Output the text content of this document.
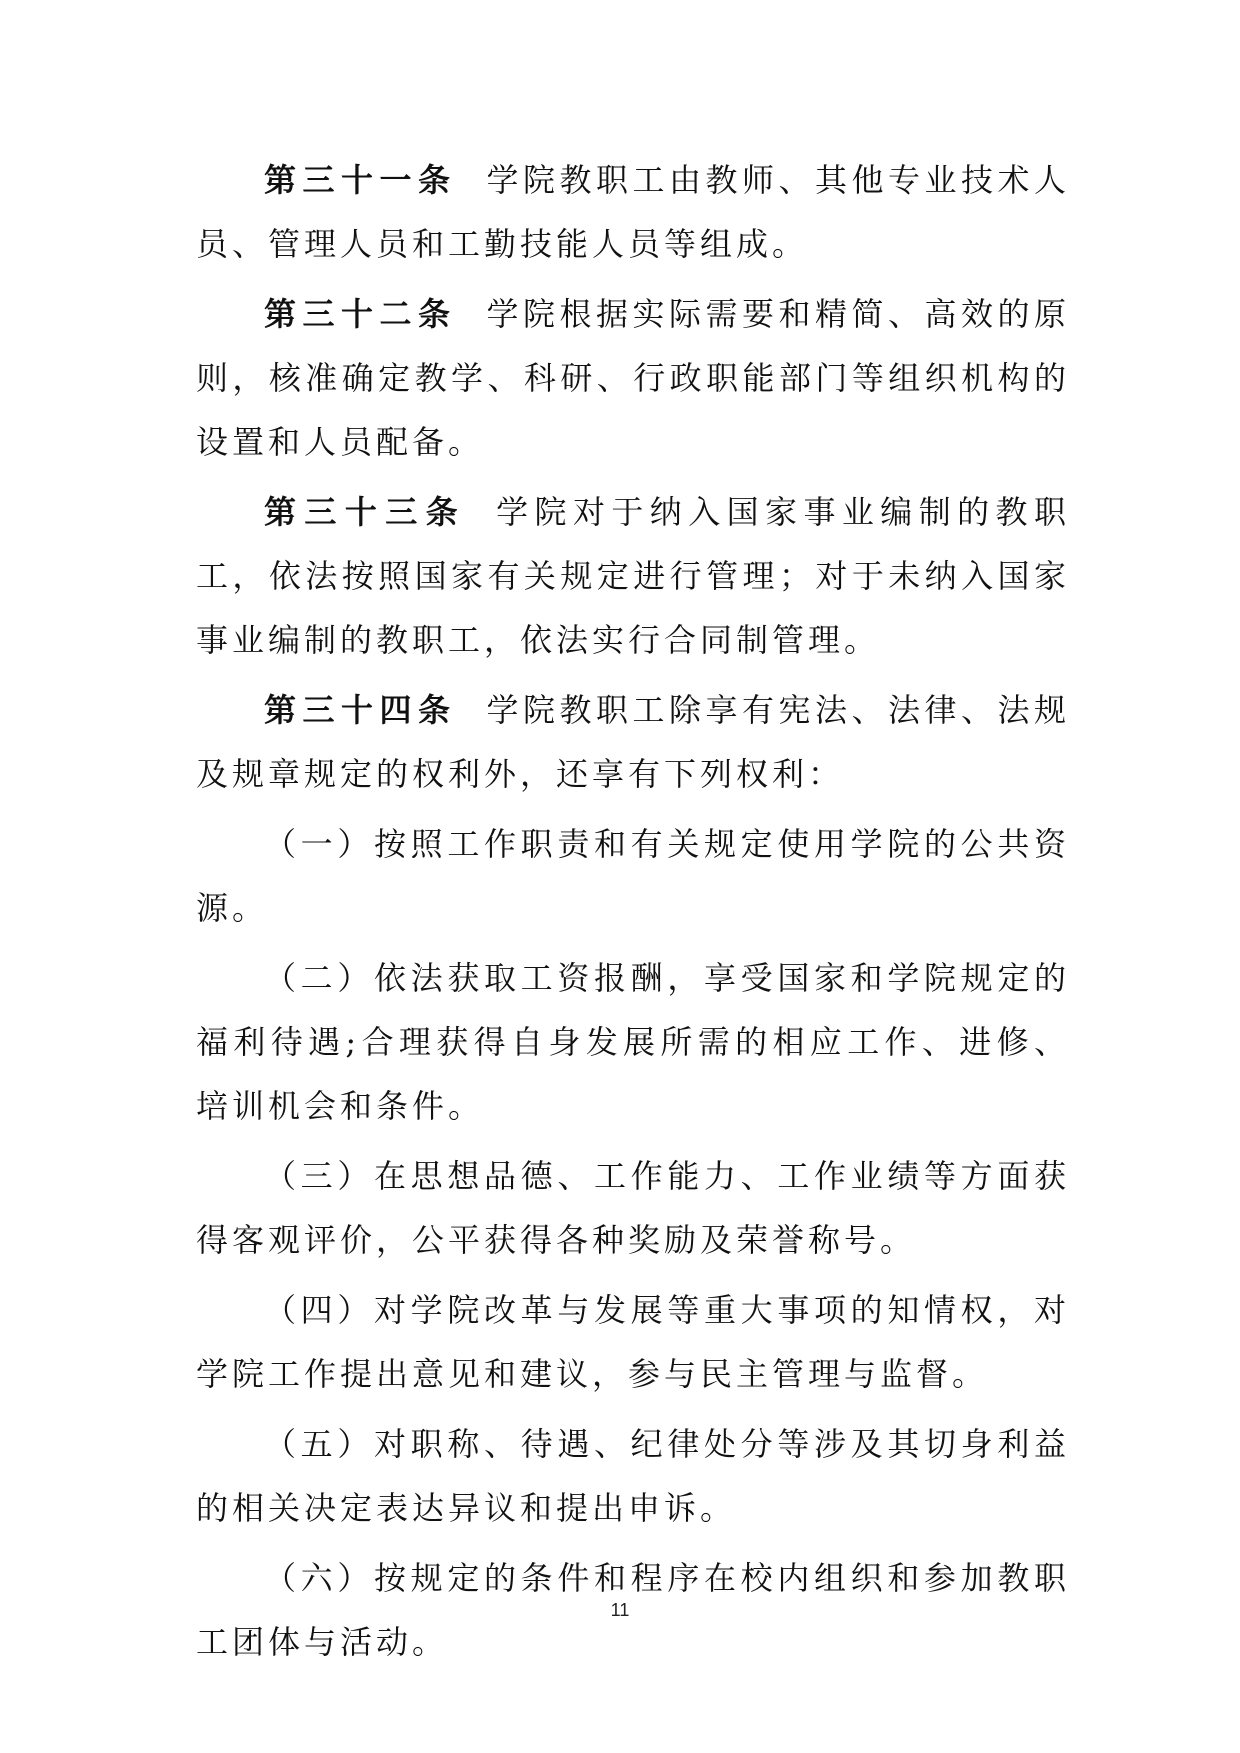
第三十一条 学院教职工由教师、其他专业技术人员、管理人员和工勤技能人员等组成。

第三十二条 学院根据实际需要和精简、高效的原则，核准确定教学、科研、行政职能部门等组织机构的设置和人员配备。

第三十三条 学院对于纳入国家事业编制的教职工，依法按照国家有关规定进行管理；对于未纳入国家事业编制的教职工，依法实行合同制管理。

第三十四条 学院教职工除享有宪法、法律、法规及规章规定的权利外，还享有下列权利：

（一）按照工作职责和有关规定使用学院的公共资源。

（二）依法获取工资报酬，享受国家和学院规定的福利待遇;合理获得自身发展所需的相应工作、进修、培训机会和条件。

（三）在思想品德、工作能力、工作业绩等方面获得客观评价，公平获得各种奖励及荣誉称号。

（四）对学院改革与发展等重大事项的知情权，对学院工作提出意见和建议，参与民主管理与监督。

（五）对职称、待遇、纪律处分等涉及其切身利益的相关决定表达异议和提出申诉。

（六）按规定的条件和程序在校内组织和参加教职工团体与活动。

11
